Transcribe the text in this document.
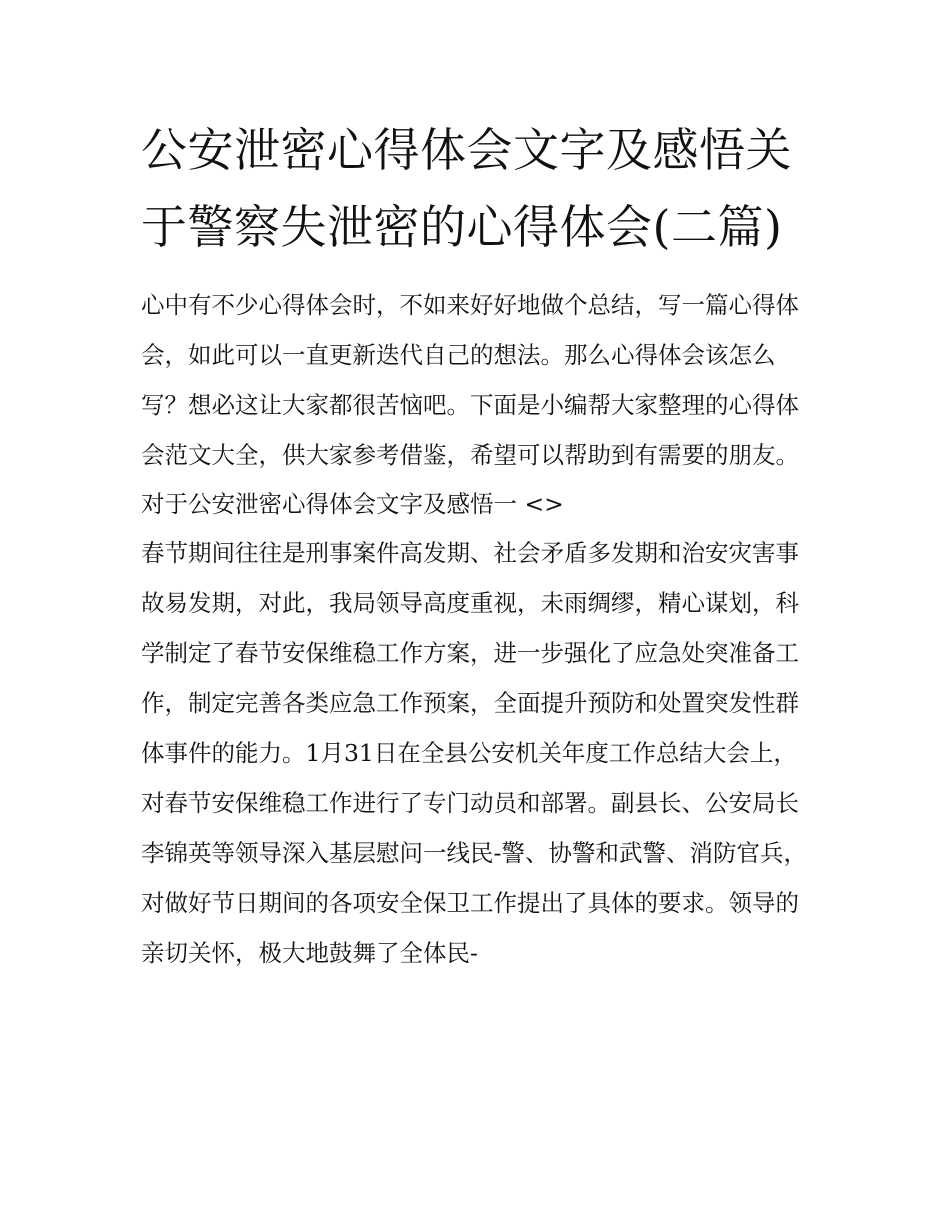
公安泄密心得体会文字及感悟关于警察失泄密的心得体会(二篇)

心中有不少心得体会时，不如来好好地做个总结，写一篇心得体会，如此可以一直更新迭代自己的想法。那么心得体会该怎么写？想必这让大家都很苦恼吧。下面是小编帮大家整理的心得体会范文大全，供大家参考借鉴，希望可以帮助到有需要的朋友。

对于公安泄密心得体会文字及感悟一 <>

春节期间往往是刑事案件高发期、社会矛盾多发期和治安灾害事故易发期，对此，我局领导高度重视，未雨绸缪，精心谋划，科学制定了春节安保维稳工作方案，进一步强化了应急处突准备工作，制定完善各类应急工作预案，全面提升预防和处置突发性群体事件的能力。1月31日在全县公安机关年度工作总结大会上，对春节安保维稳工作进行了专门动员和部署。副县长、公安局长李锦英等领导深入基层慰问一线民-警、协警和武警、消防官兵，对做好节日期间的各项安全保卫工作提出了具体的要求。领导的亲切关怀，极大地鼓舞了全体民-
